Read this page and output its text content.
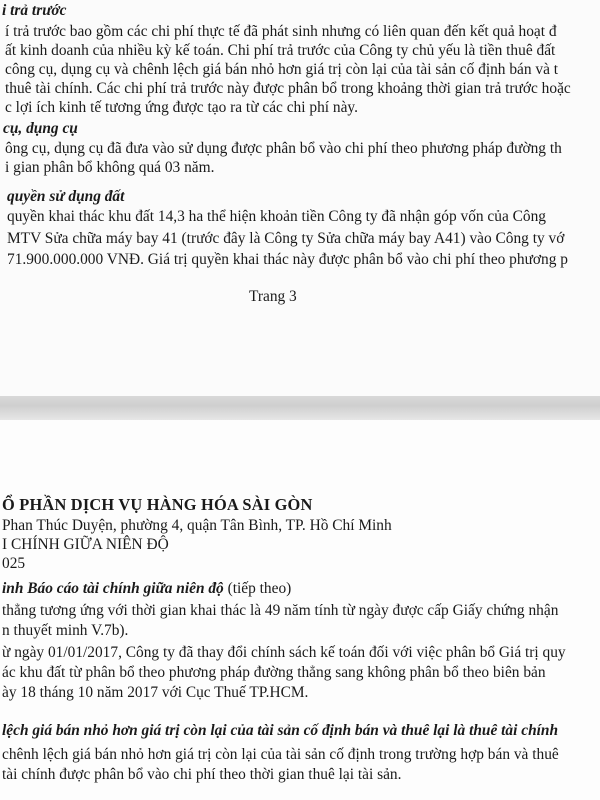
i trả trước
í trả trước bao gồm các chi phí thực tế đã phát sinh nhưng có liên quan đến kết quả hoạt đ
ất kinh doanh của nhiều kỳ kế toán. Chi phí trả trước của Công ty chủ yếu là tiền thuê đất
công cụ, dụng cụ và chênh lệch giá bán nhỏ hơn giá trị còn lại của tài sản cố định bán và t
thuê tài chính. Các chi phí trả trước này được phân bổ trong khoảng thời gian trả trước hoặc
c lợi ích kinh tế tương ứng được tạo ra từ các chi phí này.
cụ, dụng cụ
ông cụ, dụng cụ đã đưa vào sử dụng được phân bổ vào chi phí theo phương pháp đường th
i gian phân bổ không quá 03 năm.
quyền sử dụng đất
quyền khai thác khu đất 14,3 ha thể hiện khoản tiền Công ty đã nhận góp vốn của Công
MTV Sửa chữa máy bay 41 (trước đây là Công ty Sửa chữa máy bay A41) vào Công ty vớ
71.900.000.000 VNĐ. Giá trị quyền khai thác này được phân bổ vào chi phí theo phương p
Trang 3
Ổ PHẦN DỊCH VỤ HÀNG HÓA SÀI GÒN
Phan Thúc Duyện, phường 4, quận Tân Bình, TP. Hồ Chí Minh
I CHÍNH GIỮA NIÊN ĐỘ
025
inh Báo cáo tài chính giữa niên độ (tiếp theo)
thẳng tương ứng với thời gian khai thác là 49 năm tính từ ngày được cấp Giấy chứng nhận
n thuyết minh V.7b).
ừ ngày 01/01/2017, Công ty đã thay đổi chính sách kế toán đối với việc phân bổ Giá trị quy
ác khu đất từ phân bổ theo phương pháp đường thẳng sang không phân bổ theo biên bản
ày 18 tháng 10 năm 2017 với Cục Thuế TP.HCM.
lệch giá bán nhỏ hơn giá trị còn lại của tài sản cố định bán và thuê lại là thuê tài chính
chênh lệch giá bán nhỏ hơn giá trị còn lại của tài sản cố định trong trường hợp bán và thuê
tài chính được phân bổ vào chi phí theo thời gian thuê lại tài sản.
